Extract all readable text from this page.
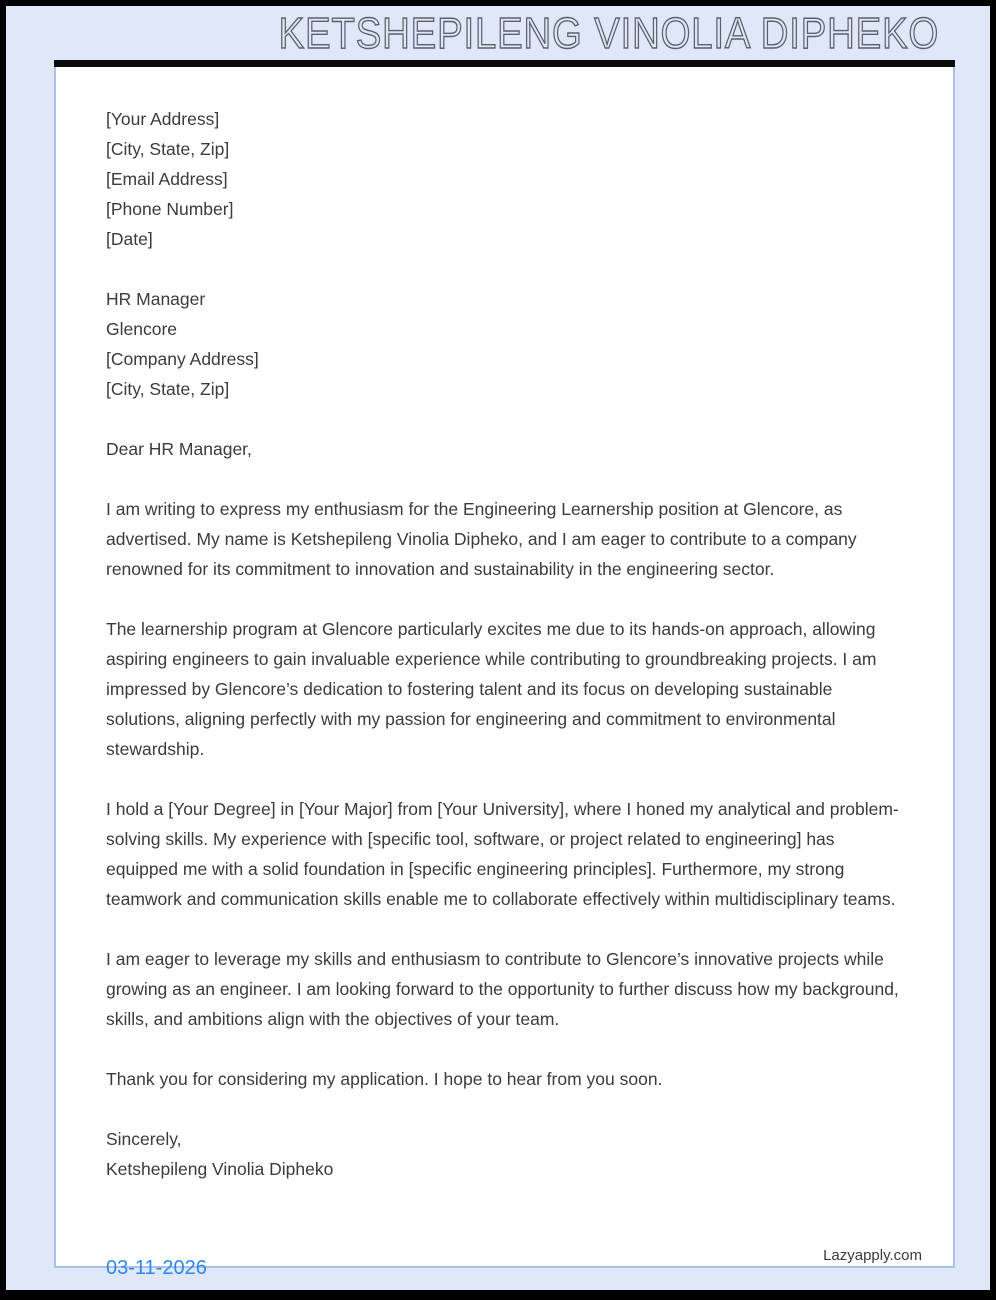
KETSHEPILENG VINOLIA DIPHEKO
[Your Address]
[City, State, Zip]
[Email Address]
[Phone Number]
[Date]
HR Manager
Glencore
[Company Address]
[City, State, Zip]

Dear HR Manager,

I am writing to express my enthusiasm for the Engineering Learnership position at Glencore, as advertised. My name is Ketshepileng Vinolia Dipheko, and I am eager to contribute to a company renowned for its commitment to innovation and sustainability in the engineering sector.

The learnership program at Glencore particularly excites me due to its hands-on approach, allowing aspiring engineers to gain invaluable experience while contributing to groundbreaking projects. I am impressed by Glencore’s dedication to fostering talent and its focus on developing sustainable solutions, aligning perfectly with my passion for engineering and commitment to environmental stewardship.

I hold a [Your Degree] in [Your Major] from [Your University], where I honed my analytical and problem-solving skills. My experience with [specific tool, software, or project related to engineering] has equipped me with a solid foundation in [specific engineering principles]. Furthermore, my strong teamwork and communication skills enable me to collaborate effectively within multidisciplinary teams.

I am eager to leverage my skills and enthusiasm to contribute to Glencore’s innovative projects while growing as an engineer. I am looking forward to the opportunity to further discuss how my background, skills, and ambitions align with the objectives of your team.

Thank you for considering my application. I hope to hear from you soon.

Sincerely,
Ketshepileng Vinolia Dipheko
Lazyapply.com
03-11-2026
